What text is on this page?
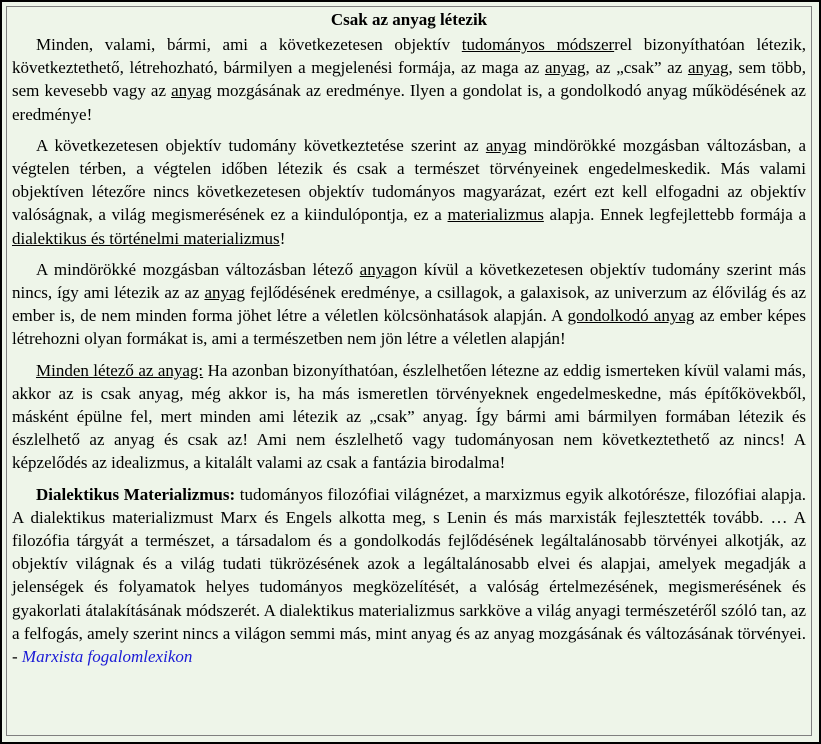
Csak az anyag létezik

Minden, valami, bármi, ami a következetesen objektív tudományos módszerrel bizonyíthatóan létezik, következtethető, létrehozható, bármilyen a megjelenési formája, az maga az anyag, az „csak” az anyag, sem több, sem kevesebb vagy az anyag mozgásának az eredménye. Ilyen a gondolat is, a gondolkodó anyag működésének az eredménye!

A következetesen objektív tudomány következtetése szerint az anyag mindörökké mozgásban változásban, a végtelen térben, a végtelen időben létezik és csak a természet törvényeinek engedelmeskedik. Más valami objektíven létezőre nincs következetesen objektív tudományos magyarázat, ezért ezt kell elfogadni az objektív valóságnak, a világ megismerésének ez a kiindulópontja, ez a materializmus alapja. Ennek legfejlettebb formája a dialektikus és történelmi materializmus!

A mindörökké mozgásban változásban létező anyagon kívül a következetesen objektív tudomány szerint más nincs, így ami létezik az az anyag fejlődésének eredménye, a csillagok, a galaxisok, az univerzum az élővilág és az ember is, de nem minden forma jöhet létre a véletlen kölcsönhatások alapján. A gondolkodó anyag az ember képes létrehozni olyan formákat is, ami a természetben nem jön létre a véletlen alapján!

Minden létező az anyag: Ha azonban bizonyíthatóan, észlelhetően létezne az eddig ismerteken kívül valami más, akkor az is csak anyag, még akkor is, ha más ismeretlen törvényeknek engedelmeskedne, más építőkövekből, másként épülne fel, mert minden ami létezik az „csak” anyag. Így bármi ami bármilyen formában létezik és észlelhető az anyag és csak az! Ami nem észlelhető vagy tudományosan nem következtethető az nincs! A képzelődés az idealizmus, a kitalált valami az csak a fantázia birodalma!

Dialektikus Materializmus: tudományos filozófiai világnézet, a marxizmus egyik alkotórésze, filozófiai alapja. A dialektikus materializmust Marx és Engels alkotta meg, s Lenin és más marxisták fejlesztették tovább. … A filozófia tárgyát a természet, a társadalom és a gondolkodás fejlődésének legáltalánosabb törvényei alkotják, az objektív világnak és a világ tudati tükrözésének azok a legáltalánosabb elvei és alapjai, amelyek megadják a jelenségek és folyamatok helyes tudományos megközelítését, a valóság értelmezésének, megismerésének és gyakorlati átalakításának módszerét. A dialektikus materializmus sarkköve a világ anyagi természetéről szóló tan, az a felfogás, amely szerint nincs a világon semmi más, mint anyag és az anyag mozgásának és változásának törvényei. - Marxista fogalomlexikon
